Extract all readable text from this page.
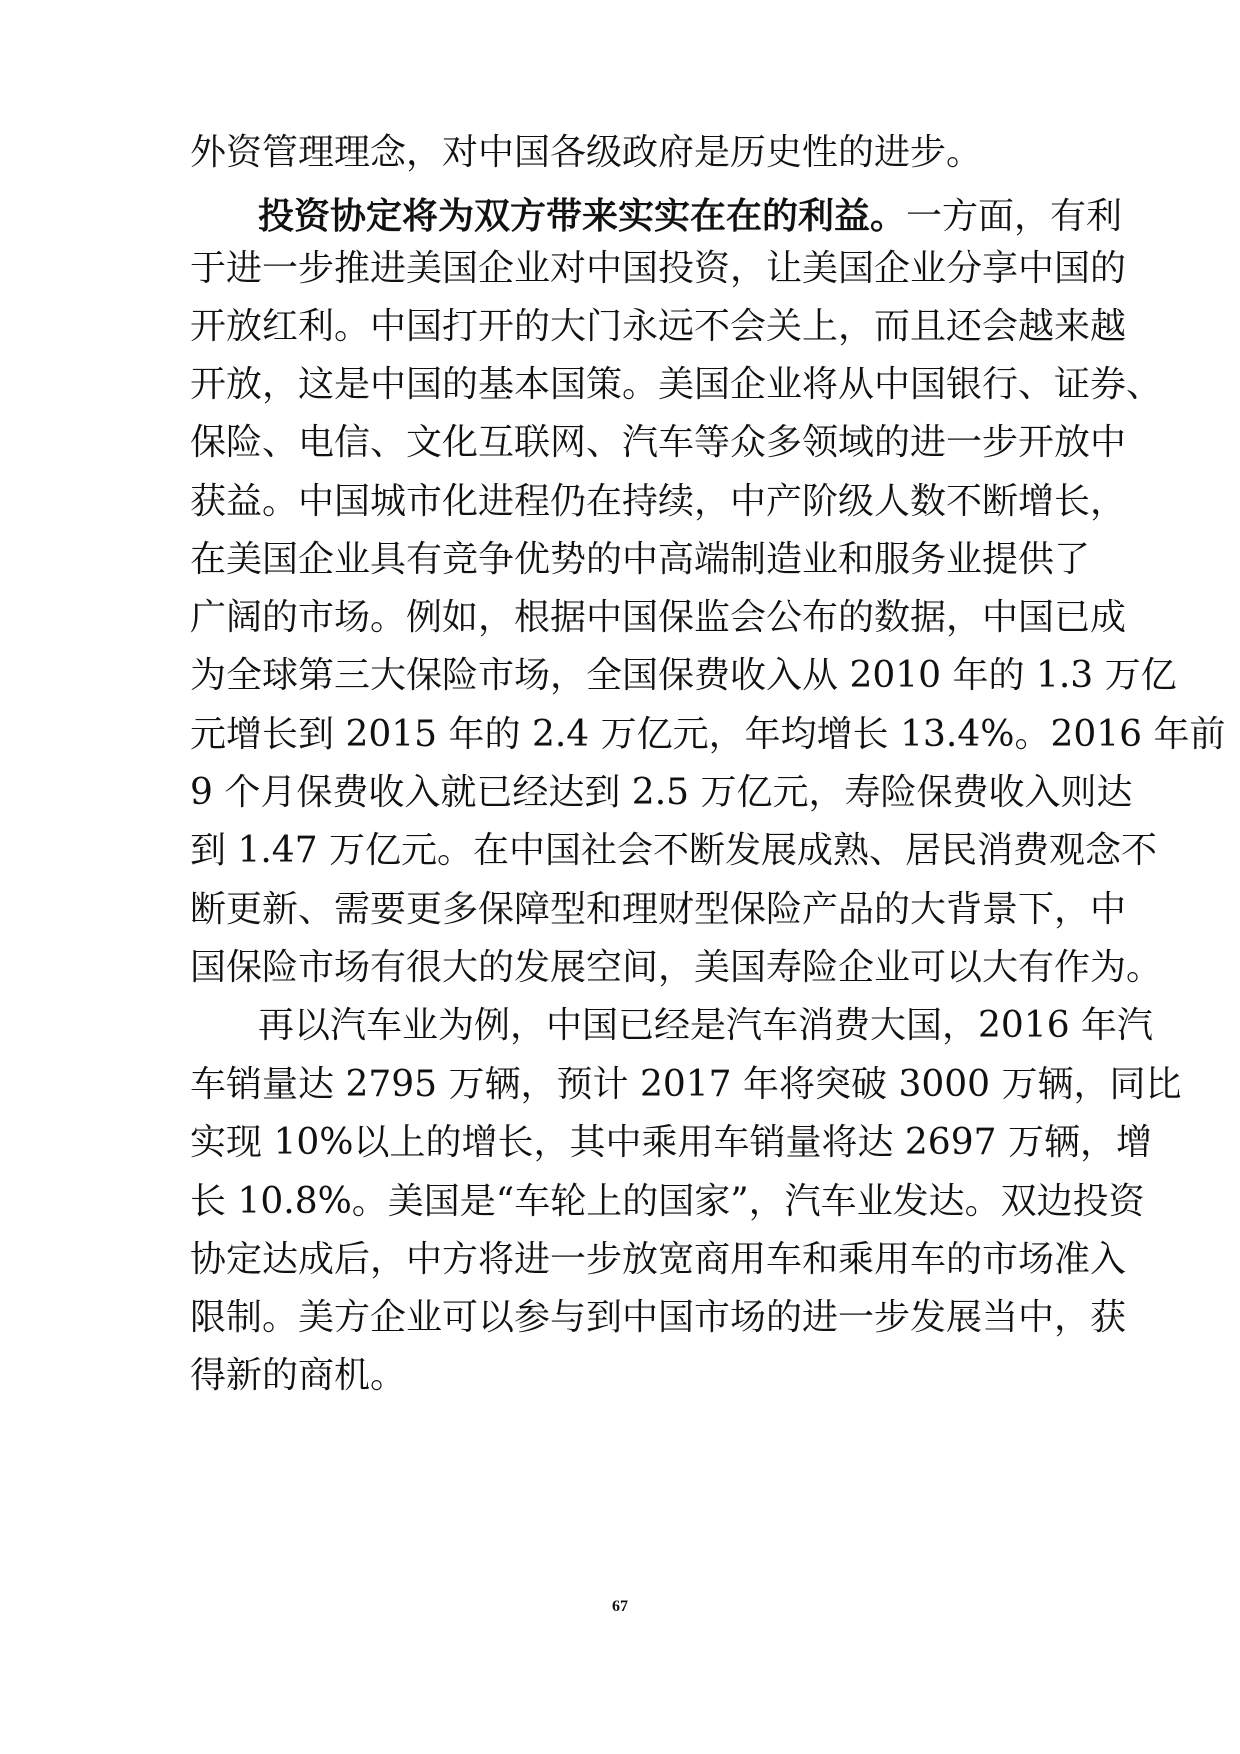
外资管理理念，对中国各级政府是历史性的进步。
投资协定将为双方带来实实在在的利益。一方面，有利
于进一步推进美国企业对中国投资，让美国企业分享中国的
开放红利。中国打开的大门永远不会关上，而且还会越来越
开放，这是中国的基本国策。美国企业将从中国银行、证券、
保险、电信、文化互联网、汽车等众多领域的进一步开放中
获益。中国城市化进程仍在持续，中产阶级人数不断增长，
在美国企业具有竞争优势的中高端制造业和服务业提供了
广阔的市场。例如，根据中国保监会公布的数据，中国已成
为全球第三大保险市场，全国保费收入从 2010 年的 1.3 万亿
元增长到 2015 年的 2.4 万亿元，年均增长 13.4%。2016 年前
9 个月保费收入就已经达到 2.5 万亿元，寿险保费收入则达
到 1.47 万亿元。在中国社会不断发展成熟、居民消费观念不
断更新、需要更多保障型和理财型保险产品的大背景下，中
国保险市场有很大的发展空间，美国寿险企业可以大有作为。
再以汽车业为例，中国已经是汽车消费大国，2016 年汽
车销量达 2795 万辆，预计 2017 年将突破 3000 万辆，同比
实现 10%以上的增长，其中乘用车销量将达 2697 万辆，增
长 10.8%。美国是“车轮上的国家”，汽车业发达。双边投资
协定达成后，中方将进一步放宽商用车和乘用车的市场准入
限制。美方企业可以参与到中国市场的进一步发展当中，获
得新的商机。
67
